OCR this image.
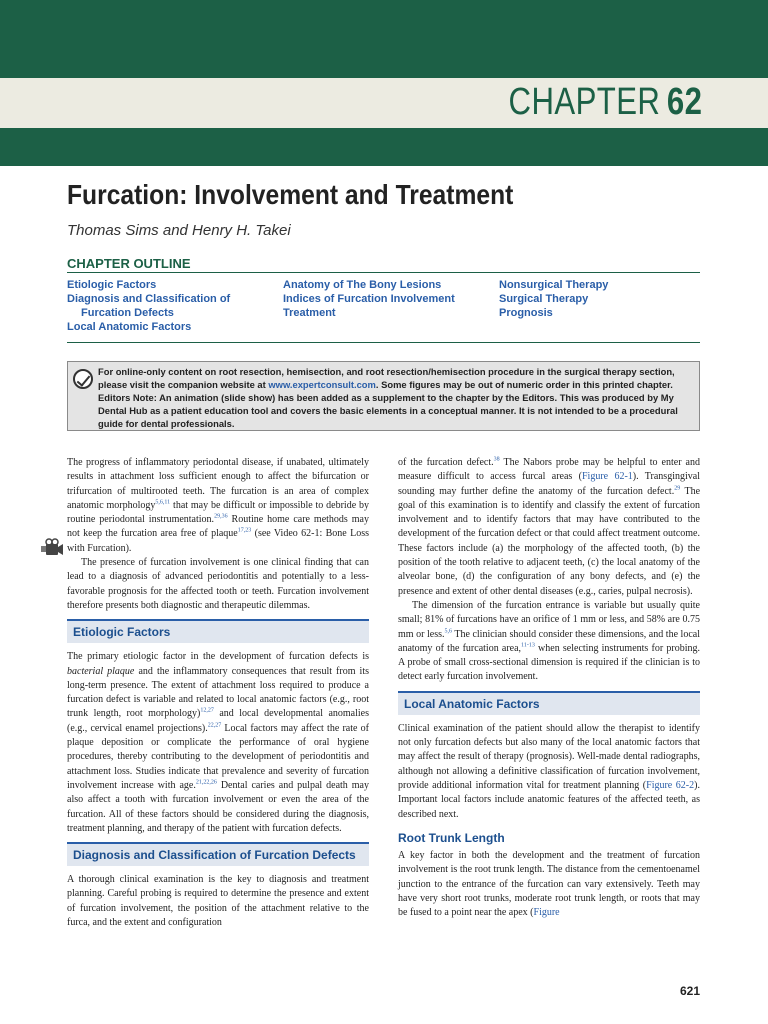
CHAPTER 62
Furcation: Involvement and Treatment
Thomas Sims and Henry H. Takei
CHAPTER OUTLINE
Etiologic Factors
Diagnosis and Classification of
Furcation Defects
Local Anatomic Factors
Anatomy of The Bony Lesions
Indices of Furcation Involvement
Treatment
Nonsurgical Therapy
Surgical Therapy
Prognosis
For online-only content on root resection, hemisection, and root resection/hemisection procedure in the surgical therapy section, please visit the companion website at www.expertconsult.com. Some figures may be out of numeric order in this printed chapter. Editors Note: An animation (slide show) has been added as a supplement to the chapter by the Editors. This was produced by My Dental Hub as a patient education tool and covers the basic elements in a conceptual manner. It is not intended to be a procedural guide for dental professionals.

The progress of inflammatory periodontal disease, if unabated, ultimately results in attachment loss sufficient enough to affect the bifurcation or trifurcation of multirooted teeth. The furcation is an area of complex anatomic morphology$^{5,6,11}$ that may be difficult or impossible to debride by routine periodontal instrumentation.$^{29,36}$ Routine home care methods may not keep the furcation area free of plaque$^{17,23}$ (see Video 62-1: Bone Loss with Furcation).

The presence of furcation involvement is one clinical finding that can lead to a diagnosis of advanced periodontitis and potentially to a less-favorable prognosis for the affected tooth or teeth. Furcation involvement therefore presents both diagnostic and therapeutic dilemmas.

Etiologic Factors

The primary etiologic factor in the development of furcation defects is bacterial plaque and the inflammatory consequences that result from its long-term presence. The extent of attachment loss required to produce a furcation defect is variable and related to local anatomic factors (e.g., root trunk length, root morphology)$^{12,27}$ and local developmental anomalies (e.g., cervical enamel projections).$^{22,27}$ Local factors may affect the rate of plaque deposition or complicate the performance of oral hygiene procedures, thereby contributing to the development of periodontitis and attachment loss. Studies indicate that prevalence and severity of furcation involvement increase with age.$^{21,22,26}$ Dental caries and pulpal death may also affect a tooth with furcation involvement or even the area of the furcation. All of these factors should be considered during the diagnosis, treatment planning, and therapy of the patient with furcation defects.

Diagnosis and Classification of Furcation Defects

A thorough clinical examination is the key to diagnosis and treatment planning. Careful probing is required to determine the presence and extent of furcation involvement, the position of the attachment relative to the furca, and the extent and configuration

of the furcation defect.$^{38}$ The Nabors probe may be helpful to enter and measure difficult to access furcal areas (Figure 62-1). Transgingival sounding may further define the anatomy of the furcation defect.$^{29}$ The goal of this examination is to identify and classify the extent of furcation involvement and to identify factors that may have contributed to the development of the furcation defect or that could affect treatment outcome. These factors include (a) the morphology of the affected tooth, (b) the position of the tooth relative to adjacent teeth, (c) the local anatomy of the alveolar bone, (d) the configuration of any bony defects, and (e) the presence and extent of other dental diseases (e.g., caries, pulpal necrosis).

The dimension of the furcation entrance is variable but usually quite small; 81% of furcations have an orifice of 1 mm or less, and 58% are 0.75 mm or less.$^{5,6}$ The clinician should consider these dimensions, and the local anatomy of the furcation area,$^{11-13}$ when selecting instruments for probing. A probe of small cross-sectional dimension is required if the clinician is to detect early furcation involvement.

Local Anatomic Factors

Clinical examination of the patient should allow the therapist to identify not only furcation defects but also many of the local anatomic factors that may affect the result of therapy (prognosis). Well-made dental radiographs, although not allowing a definitive classification of furcation involvement, provide additional information vital for treatment planning (Figure 62-2). Important local factors include anatomic features of the affected teeth, as described next.

Root Trunk Length

A key factor in both the development and the treatment of furcation involvement is the root trunk length. The distance from the cementoenamel junction to the entrance of the furcation can vary extensively. Teeth may have very short root trunks, moderate root trunk length, or roots that may be fused to a point near the apex (Figure

621
